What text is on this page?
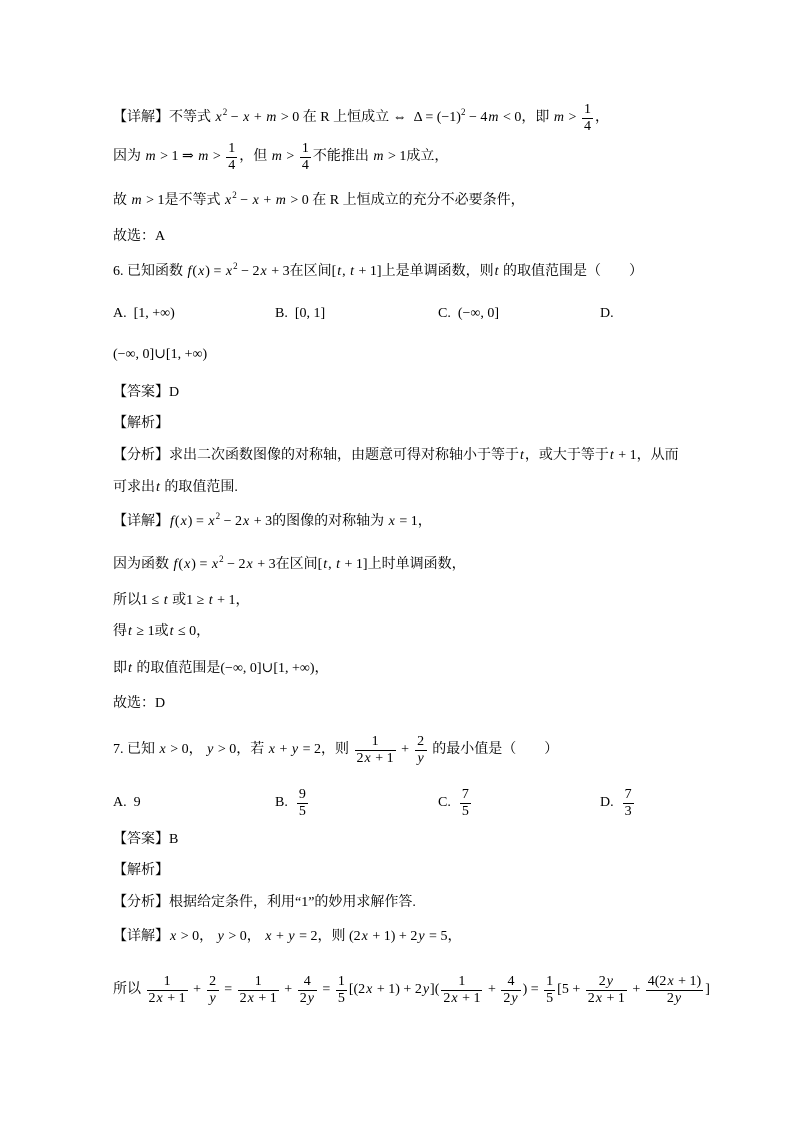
【详解】不等式 x 2 − x + m > 0 在 R 上恒成立 ⇔  Δ = (−1) 2 − 4 m < 0，即 $m > \frac{1}{4}$ ，
因为 m > 1 ⇒ $m > \frac{1}{4}$ ，但 $m > \frac{1}{4}$ 不能推出 m > 1成立，
故 m > 1是不等式 x 2 − x + m > 0 在 R 上恒成立的充分不必要条件，
故选：A
6. 已知函数 f ( x ) = x 2 − 2 x + 3在区间[ t , t + 1]上是单调函数，则 t 的取值范围是（　　）
A.  [1, +∞)	B.  [0, 1]	C.  (−∞, 0]	D.
(−∞, 0]∪[1, +∞)
【答案】D
【解析】
【分析】求出二次函数图像的对称轴，由题意可得对称轴小于等于 t ，或大于等于 t + 1，从而
可求出 t 的取值范围.
【详解】 f ( x ) = x 2 − 2 x + 3的图像的对称轴为 x = 1，
因为函数 f ( x ) = x 2 − 2 x + 3在区间[ t , t + 1]上时单调函数，
所以1 ≤ t 或1 ≥ t + 1，
得 t ≥ 1或 t ≤ 0，
即 t 的取值范围是(−∞, 0]∪[1, +∞)，
故选：D
7. 已知 x > 0， y > 0，若 x + y = 2，则 $\frac{1}{2 x + 1} + \frac{2}{y}$ 的最小值是（　　）
A.  9	B. $\frac{9}{5}$	C. $\frac{7}{5}$	D. $\frac{7}{3}$
【答案】B
【解析】
【分析】根据给定条件，利用“1”的妙用求解作答.
【详解】 x > 0， y > 0， x + y = 2，则 (2 x + 1) + 2 y = 5，
所以 $\frac{1}{2 x + 1} + \frac{2}{y} = \frac{1}{2 x + 1} + \frac{4}{2 y} = \frac{1}{5} [(2$ x + 1) + 2 y ]( $\frac{1}{2 x + 1} + \frac{4}{2 y}$ ) = $\frac{1}{5} [5 + \frac{2 y}{2 x + 1} + \frac{4(2 x + 1)}{2 y}$ ]
